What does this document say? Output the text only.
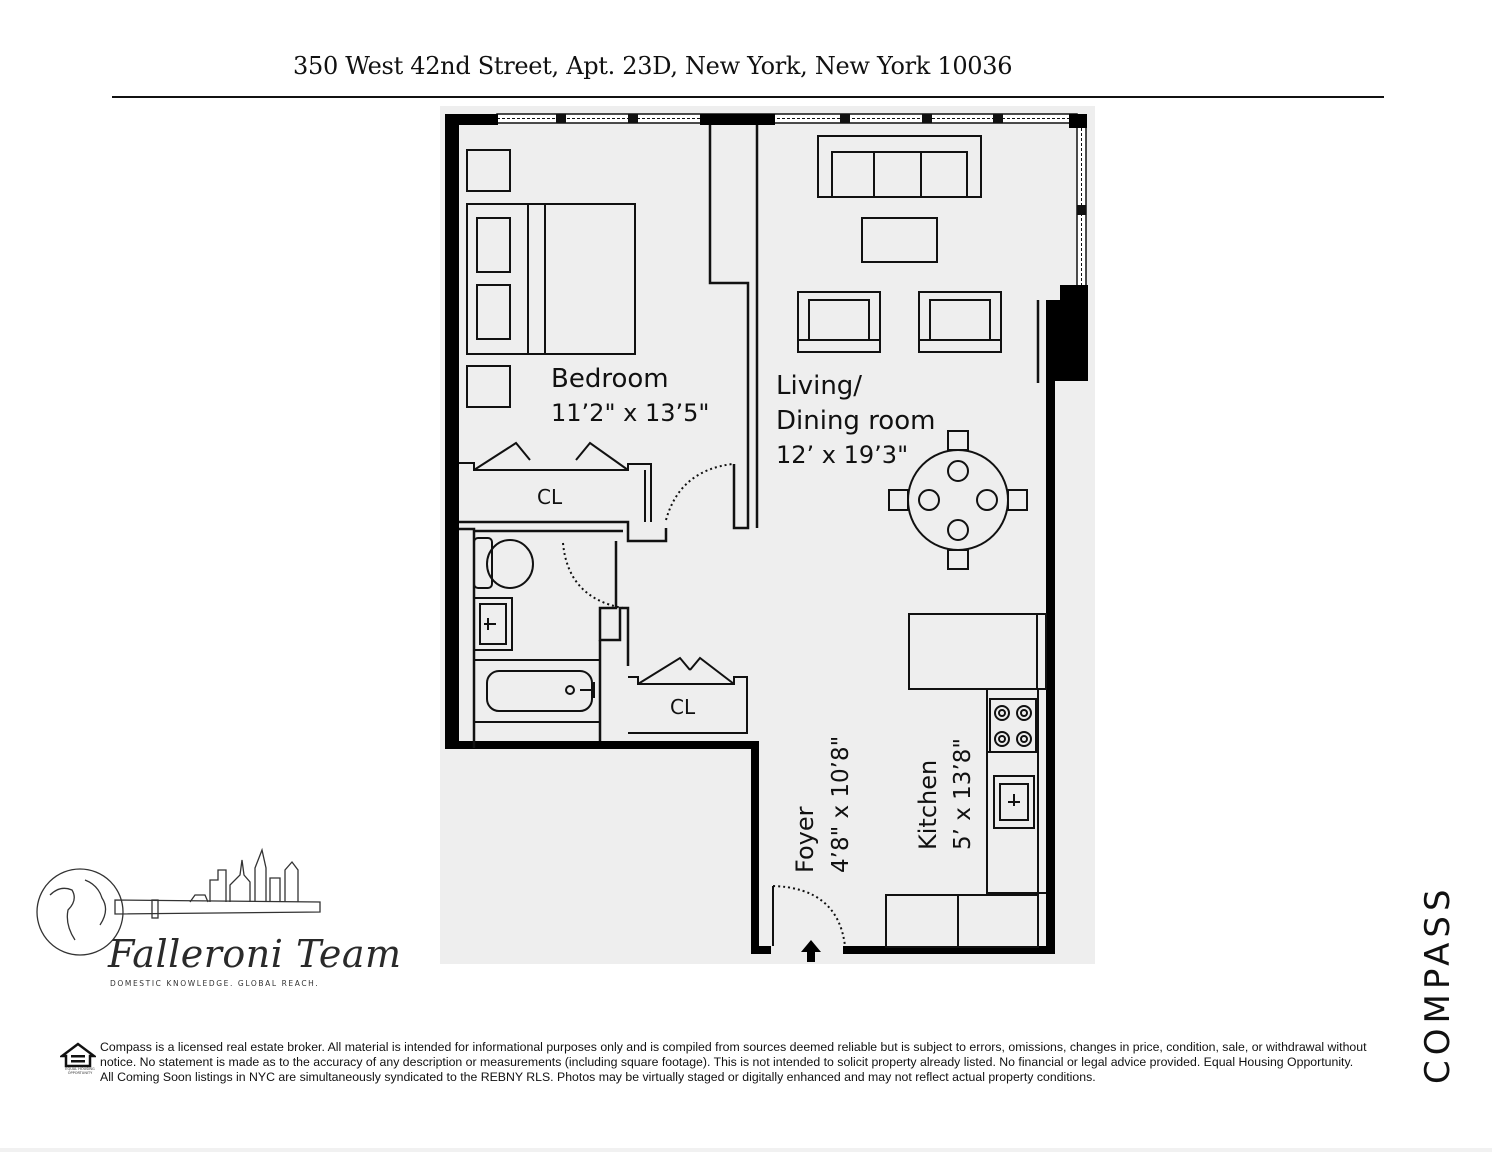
350 West 42nd Street, Apt. 23D, New York, New York 10036
Bedroom
11’2" x 13’5"
Living/
Dining room
12’ x 19’3"
CL
CL
Foyer 4’8" x 10’8"	Kitchen 5’ x 13’8"
Falleroni Team
DOMESTIC KNOWLEDGE. GLOBAL REACH.	COMPASS
EQUAL HOUSING OPPORTUNITY
Compass is a licensed real estate broker. All material is intended for informational purposes only and is compiled from sources deemed reliable but is subject to errors, omissions, changes in price, condition, sale, or withdrawal without notice. No statement is made as to the accuracy of any description or measurements (including square footage). This is not intended to solicit property already listed. No financial or legal advice provided. Equal Housing Opportunity. All Coming Soon listings in NYC are simultaneously syndicated to the REBNY RLS. Photos may be virtually staged or digitally enhanced and may not reflect actual property conditions.
